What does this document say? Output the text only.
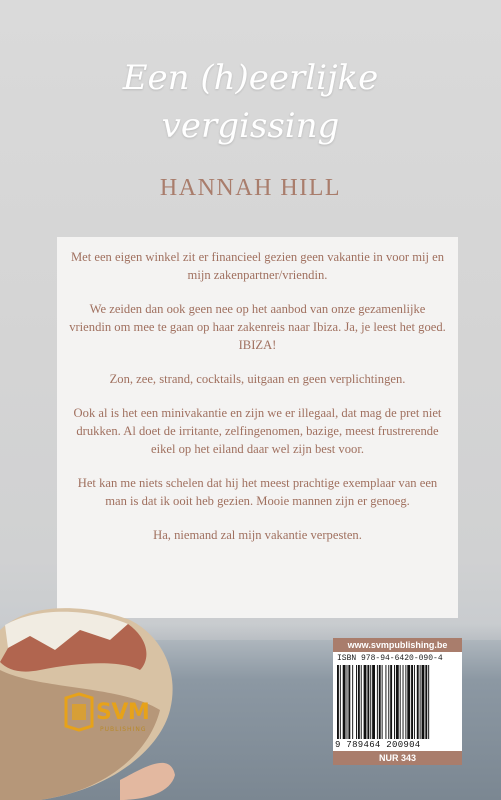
Een (h)eerlijke
vergissing
HANNAH HILL

Met een eigen winkel zit er financieel gezien geen vakantie in voor mij en mijn zakenpartner/vriendin.

We zeiden dan ook geen nee op het aanbod van onze gezamenlijke vriendin om mee te gaan op haar zakenreis naar Ibiza. Ja, je leest het goed. IBIZA!

Zon, zee, strand, cocktails, uitgaan en geen verplichtingen.

Ook al is het een minivakantie en zijn we er illegaal, dat mag de pret niet drukken. Al doet de irritante, zelfingenomen, bazige, meest frustrerende eikel op het eiland daar wel zijn best voor.

Het kan me niets schelen dat hij het meest prachtige exemplaar van een man is dat ik ooit heb gezien. Mooie mannen zijn er genoeg.

Ha, niemand zal mijn vakantie verpesten.

SVM
PUBLISHING
www.svmpublishing.be
ISBN 978-94-6420-090-4
9 789464 200904
NUR 343
